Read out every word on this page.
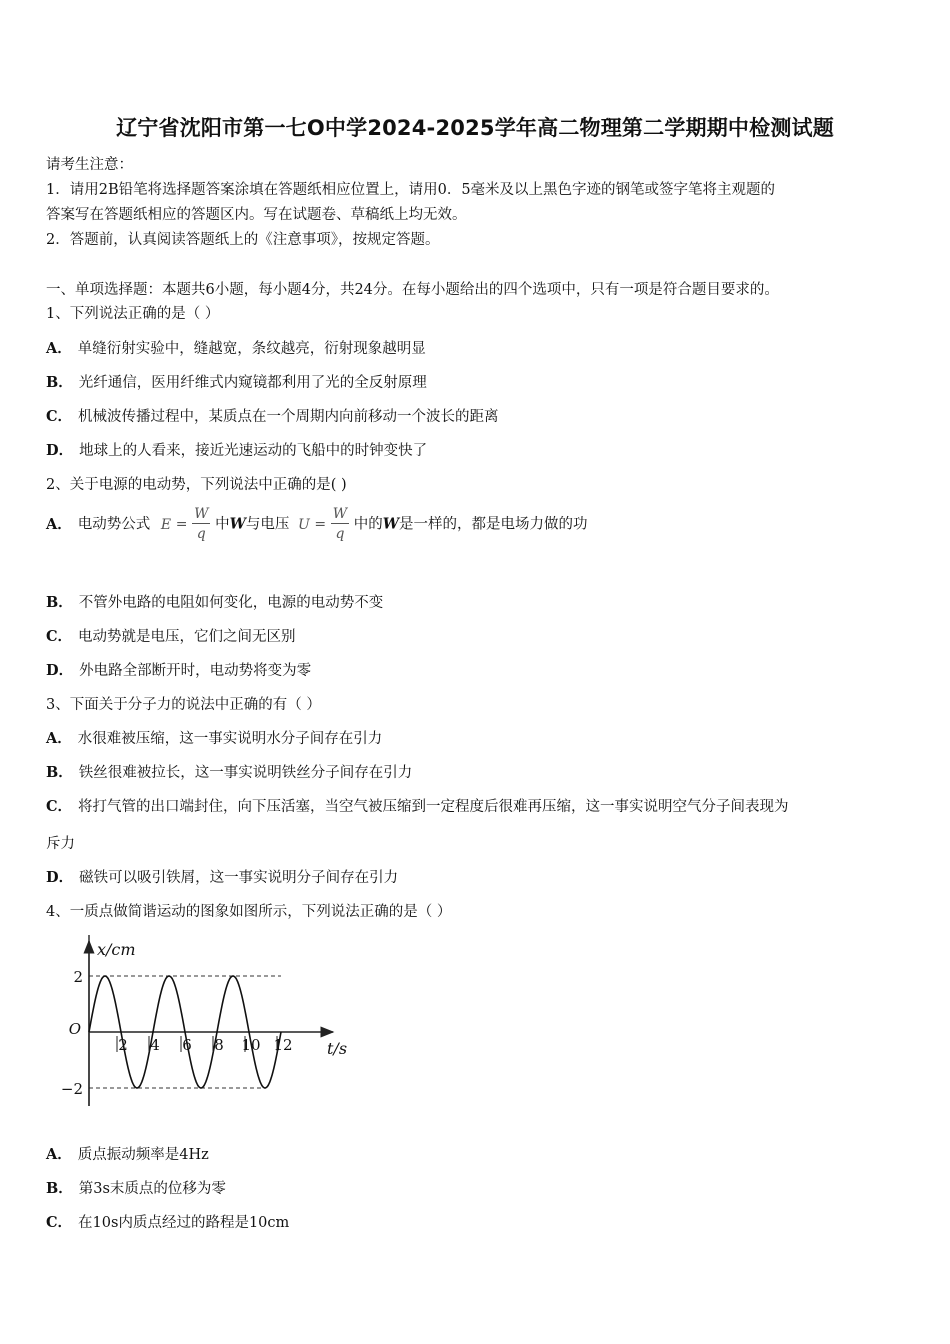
辽宁省沈阳市第一七O中学2024-2025学年高二物理第二学期期中检测试题
请考生注意：
1．请用2B铅笔将选择题答案涂填在答题纸相应位置上，请用0．5毫米及以上黑色字迹的钢笔或签字笔将主观题的
答案写在答题纸相应的答题区内。写在试题卷、草稿纸上均无效。
2．答题前，认真阅读答题纸上的《注意事项》，按规定答题。
一、单项选择题：本题共6小题，每小题4分，共24分。在每小题给出的四个选项中，只有一项是符合题目要求的。
1、下列说法正确的是（ ）
A． 单缝衍射实验中，缝越宽，条纹越亮，衍射现象越明显
B． 光纤通信，医用纤维式内窥镜都利用了光的全反射原理
C． 机械波传播过程中，某质点在一个周期内向前移动一个波长的距离
D． 地球上的人看来，接近光速运动的飞船中的时钟变快了
2、关于电源的电动势，下列说法中正确的是( )
A． 电动势公式 $E = \frac{W}{q}$ 中W与电压 $U = \frac{W}{q}$ 中的W是一样的，都是电场力做的功
B． 不管外电路的电阻如何变化，电源的电动势不变
C． 电动势就是电压，它们之间无区别
D． 外电路全部断开时，电动势将变为零
3、下面关于分子力的说法中正确的有（ ）
A． 水很难被压缩，这一事实说明水分子间存在引力
B． 铁丝很难被拉长，这一事实说明铁丝分子间存在引力
C． 将打气管的出口端封住，向下压活塞，当空气被压缩到一定程度后很难再压缩，这一事实说明空气分子间表现为
斥力
D． 磁铁可以吸引铁屑，这一事实说明分子间存在引力
4、一质点做简谐运动的图象如图所示，下列说法正确的是（ ）
2 4 6 8 10 12
2
−2
O
x/cm
t/s
A． 质点振动频率是4Hz
B． 第3s末质点的位移为零
C． 在10s内质点经过的路程是10cm
